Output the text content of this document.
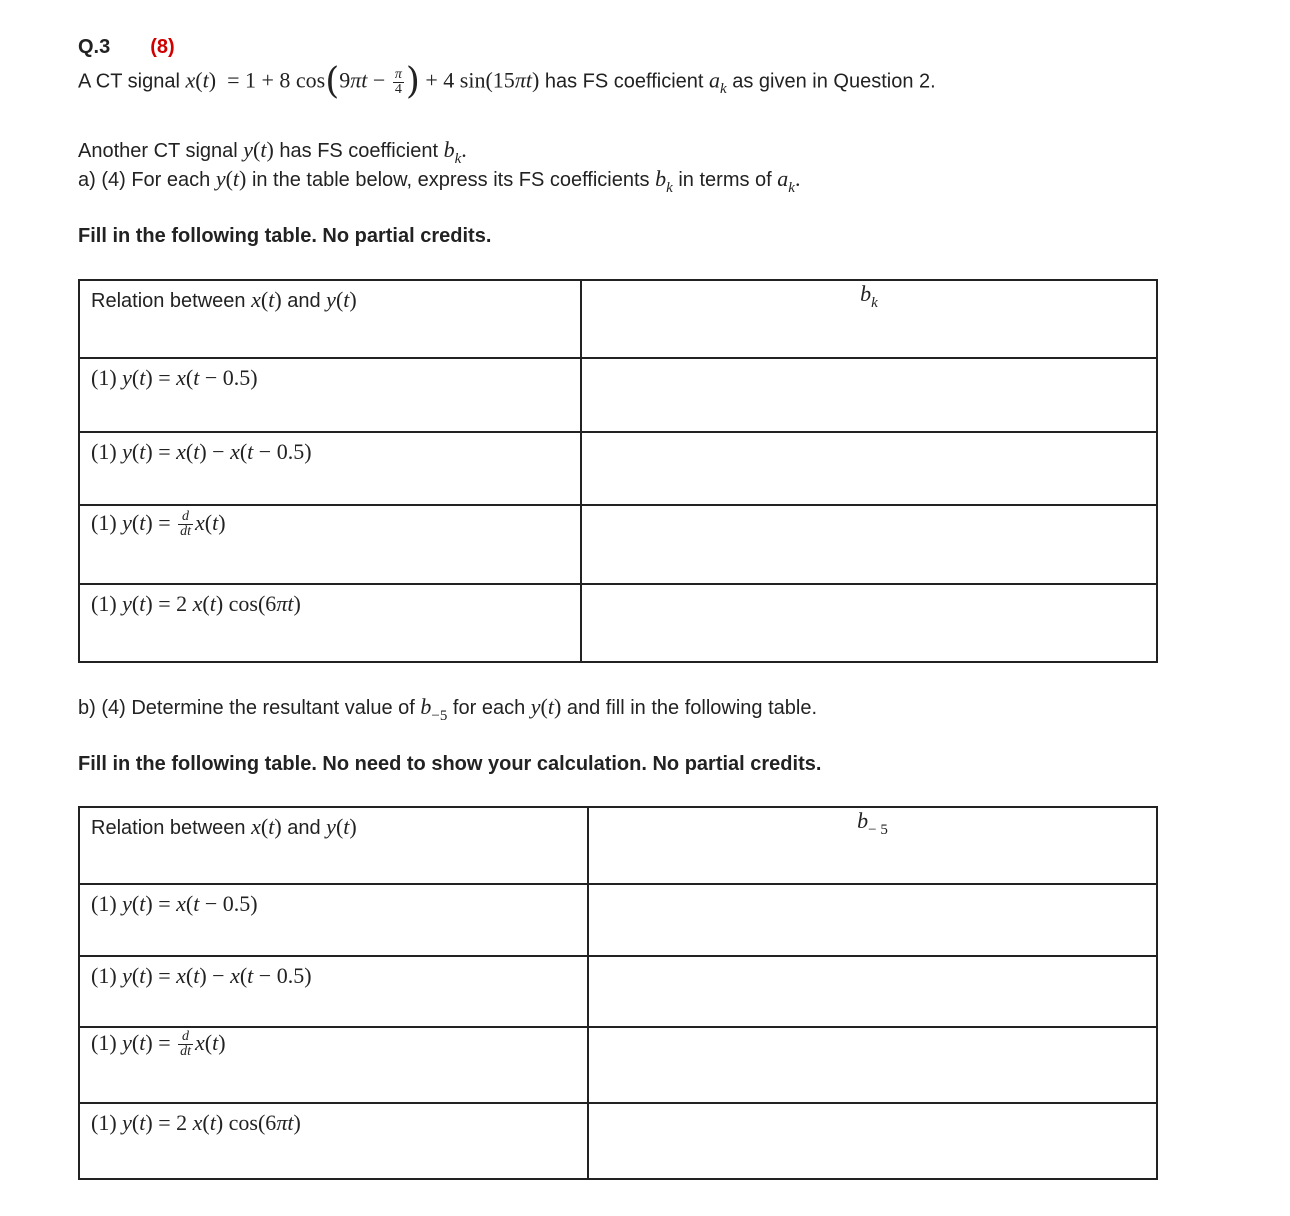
Q.3 (8)
A CT signal x(t)  = 1 + 8 $\cos(9\pi t - \frac{\pi}{4}$ ) + 4 sin(15πt) has FS coefficient $a_k$ as given in Question 2.
Another CT signal y(t) has FS coefficient $b_k$.
a) (4) For each y(t) in the table below, express its FS coefficients $b_k$ in terms of $a_k$.
Fill in the following table. No partial credits.
Relation between x(t) and y(t)	$b_k$

(1) y(t) = x(t − 0.5)	

(1) y(t) = x(t) − x(t − 0.5)	

(1) $y(t) = \frac{d}{dt} x(t)$	

(1) y(t) = 2 x(t) cos(6πt)	

b) (4) Determine the resultant value of $b_{-5}$ for each y(t) and fill in the following table.
Fill in the following table. No need to show your calculation. No partial credits.
Relation between x(t) and y(t)	$b_{- 5}$

(1) y(t) = x(t − 0.5)	

(1) y(t) = x(t) − x(t − 0.5)	

(1) $y(t) = \frac{d}{dt} x(t)$	

(1) y(t) = 2 x(t) cos(6πt)	
